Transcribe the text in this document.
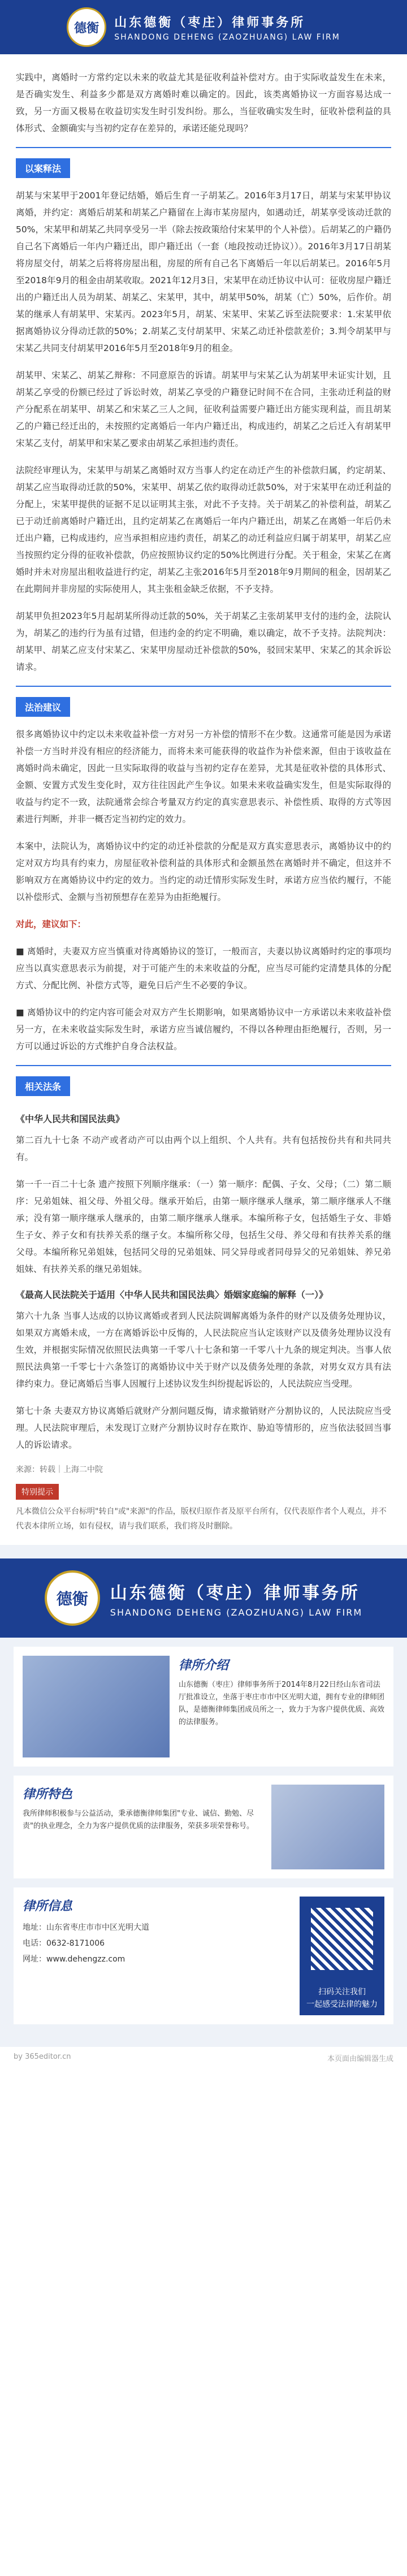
德衡	山东德衡（枣庄）律师事务所
SHANDONG DEHENG (ZAOZHUANG) LAW FIRM

实践中，离婚时一方常约定以未来的收益尤其是征收利益补偿对方。由于实际收益发生在未来，是否确实发生、利益多少都是双方离婚时难以确定的。因此，该类离婚协议一方面容易达成一致，另一方面又极易在收益切实发生时引发纠纷。那么，当征收确实发生时，征收补偿利益的具体形式、金额确实与当初约定存在差异的，承诺还能兑现吗？

以案释法

胡某与宋某甲于2001年登记结婚，婚后生育一子胡某乙。2016年3月17日，胡某与宋某甲协议离婚，并约定：离婚后胡某和胡某乙户籍留在上海市某房屋内，如遇动迁，胡某享受该动迁款的50%，宋某甲和胡某乙共同享受另一半（除去按政策给付宋某甲的个人补偿）。后胡某乙的户籍仍自己名下离婚后一年内户籍迁出，即户籍迁出（一套（地段按动迁协议））。2016年3月17日胡某将房屋交付，胡某之后将将房屋出租，房屋的所有自己名下离婚后一年以后胡某已。2016年5月至2018年9月的租金由胡某收取。2021年12月3日，宋某甲在动迁协议中认可：征收房屋户籍迁出的户籍迁出人员为胡某、胡某乙、宋某甲，其中，胡某甲50%，胡某（亡）50%，后作价。胡某的继承人有胡某甲、宋某丙。2023年5月，胡某、宋某甲、宋某乙诉至法院要求：1.宋某甲依据离婚协议分得动迁款的50%；2.胡某乙支付胡某甲、宋某乙动迁补偿款差价；3.判令胡某甲与宋某乙共同支付胡某甲2016年5月至2018年9月的租金。

胡某甲、宋某乙、胡某乙辩称：不同意原告的诉请。胡某甲与宋某乙认为胡某甲未证实计划，且胡某乙享受的份额已经过了诉讼时效，胡某乙享受的户籍登记时间不在合同，主张动迁利益的财产分配系在胡某甲、胡某乙和宋某乙三人之间，征收利益需要户籍迁出方能实现利益，而且胡某乙的户籍已经迁出的，未按照约定离婚后一年内户籍迁出，构成违约，胡某乙之后迁入有胡某甲宋某乙支付，胡某甲和宋某乙要求由胡某乙承担违约责任。

法院经审理认为，宋某甲与胡某乙离婚时双方当事人约定在动迁产生的补偿款归属，约定胡某、胡某乙应当取得动迁款的50%，宋某甲、胡某乙依约取得动迁款50%，对于宋某甲在动迁利益的分配上，宋某甲提供的证据不足以证明其主张，对此不予支持。关于胡某乙的补偿利益，胡某乙已于动迁前离婚时户籍迁出，且约定胡某乙在离婚后一年内户籍迁出，胡某乙在离婚一年后仍未迁出户籍，已构成违约，应当承担相应违约责任，胡某乙的动迁利益应归属于胡某甲，胡某乙应当按照约定分得的征收补偿款，仍应按照协议约定的50%比例进行分配。关于租金，宋某乙在离婚时并未对房屋出租收益进行约定，胡某乙主张2016年5月至2018年9月期间的租金，因胡某乙在此期间并非房屋的实际使用人，其主张租金缺乏依据，不予支持。

胡某甲负担2023年5月起胡某所得动迁款的50%，关于胡某乙主张胡某甲支付的违约金，法院认为，胡某乙的违约行为虽有过错，但违约金的约定不明确，难以确定，故不予支持。法院判决：胡某甲、胡某乙应支付宋某乙、宋某甲房屋动迁补偿款的50%，驳回宋某甲、宋某乙的其余诉讼请求。

法治建议

很多离婚协议中约定以未来收益补偿一方对另一方补偿的情形不在少数。这通常可能是因为承诺补偿一方当时并没有相应的经济能力，而将未来可能获得的收益作为补偿来源，但由于该收益在离婚时尚未确定，因此一旦实际取得的收益与当初约定存在差异，尤其是征收补偿的具体形式、金额、安置方式发生变化时，双方往往因此产生争议。如果未来收益确实发生，但是实际取得的收益与约定不一致，法院通常会综合考量双方约定的真实意思表示、补偿性质、取得的方式等因素进行判断，并非一概否定当初约定的效力。

本案中，法院认为，离婚协议中约定的动迁补偿款的分配是双方真实意思表示，离婚协议中的约定对双方均具有约束力，房屋征收补偿利益的具体形式和金额虽然在离婚时并不确定，但这并不影响双方在离婚协议中约定的效力。当约定的动迁情形实际发生时，承诺方应当依约履行，不能以补偿形式、金额与当初预想存在差异为由拒绝履行。

对此，建议如下：

■ 离婚时，夫妻双方应当慎重对待离婚协议的签订，一般而言，夫妻以协议离婚时约定的事项均应当以真实意思表示为前提，对于可能产生的未来收益的分配，应当尽可能约定清楚具体的分配方式、分配比例、补偿方式等，避免日后产生不必要的争议。

■ 离婚协议中的约定内容可能会对双方产生长期影响，如果离婚协议中一方承诺以未来收益补偿另一方，在未来收益实际发生时，承诺方应当诚信履约，不得以各种理由拒绝履行，否则，另一方可以通过诉讼的方式维护自身合法权益。

相关法条
《中华人民共和国民法典》

第二百九十七条 不动产或者动产可以由两个以上组织、个人共有。共有包括按份共有和共同共有。

第一千一百二十七条 遗产按照下列顺序继承：（一）第一顺序：配偶、子女、父母；（二）第二顺序：兄弟姐妹、祖父母、外祖父母。继承开始后，由第一顺序继承人继承，第二顺序继承人不继承；没有第一顺序继承人继承的，由第二顺序继承人继承。本编所称子女，包括婚生子女、非婚生子女、养子女和有扶养关系的继子女。本编所称父母，包括生父母、养父母和有扶养关系的继父母。本编所称兄弟姐妹，包括同父母的兄弟姐妹、同父异母或者同母异父的兄弟姐妹、养兄弟姐妹、有扶养关系的继兄弟姐妹。

《最高人民法院关于适用〈中华人民共和国民法典〉婚姻家庭编的解释（一）》

第六十九条 当事人达成的以协议离婚或者到人民法院调解离婚为条件的财产以及债务处理协议，如果双方离婚未成，一方在离婚诉讼中反悔的，人民法院应当认定该财产以及债务处理协议没有生效，并根据实际情况依照民法典第一千零八十七条和第一千零八十九条的规定判决。当事人依照民法典第一千零七十六条签订的离婚协议中关于财产以及债务处理的条款，对男女双方具有法律约束力。登记离婚后当事人因履行上述协议发生纠纷提起诉讼的，人民法院应当受理。

第七十条 夫妻双方协议离婚后就财产分割问题反悔，请求撤销财产分割协议的，人民法院应当受理。人民法院审理后，未发现订立财产分割协议时存在欺诈、胁迫等情形的，应当依法驳回当事人的诉讼请求。

来源：转载｜上海二中院
特别提示
凡本微信公众平台标明"转自"或"来源"的作品，版权归原作者及原平台所有，仅代表原作者个人观点，并不代表本律所立场，如有侵权，请与我们联系，我们将及时删除。
德衡	山东德衡（枣庄）律师事务所
SHANDONG DEHENG (ZAOZHUANG) LAW FIRM
律所介绍
山东德衡（枣庄）律师事务所于2014年8月22日经山东省司法厅批准设立，坐落于枣庄市市中区光明大道，拥有专业的律师团队，是德衡律师集团成员所之一，致力于为客户提供优质、高效的法律服务。
律所特色
我所律师积极参与公益活动，秉承德衡律师集团"专业、诚信、勤勉、尽责"的执业理念，全力为客户提供优质的法律服务，荣获多项荣誉称号。
律所信息
地址：山东省枣庄市市中区光明大道
电话：0632-8171006
网址：www.dehengzz.com
扫码关注我们
一起感受法律的魅力
by 365editor.cn	本页面由编辑器生成
